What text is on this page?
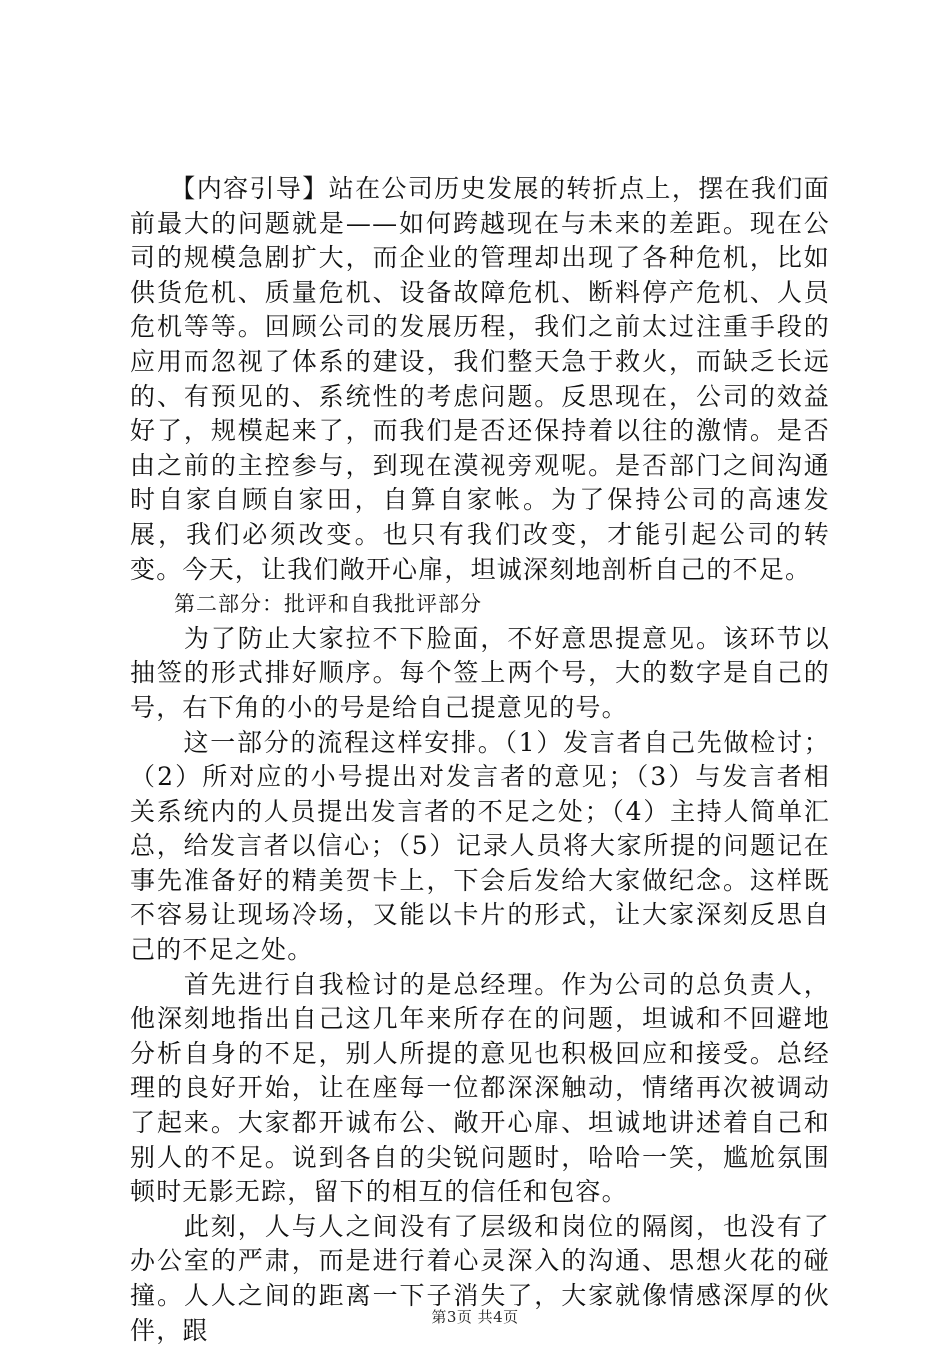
　　【内容引导】站在公司历史发展的转折点上，摆在我们面前最大的问题就是——如何跨越现在与未来的差距。现在公司的规模急剧扩大，而企业的管理却出现了各种危机，比如供货危机、质量危机、设备故障危机、断料停产危机、人员危机等等。回顾公司的发展历程，我们之前太过注重手段的应用而忽视了体系的建设，我们整天急于救火，而缺乏长远的、有预见的、系统性的考虑问题。反思现在，公司的效益好了，规模起来了，而我们是否还保持着以往的激情。是否由之前的主控参与，到现在漠视旁观呢。是否部门之间沟通时自家自顾自家田，自算自家帐。为了保持公司的高速发展，我们必须改变。也只有我们改变，才能引起公司的转变。今天，让我们敞开心扉，坦诚深刻地剖析自己的不足。

　　第二部分：批评和自我批评部分

　　为了防止大家拉不下脸面，不好意思提意见。该环节以抽签的形式排好顺序。每个签上两个号，大的数字是自己的号，右下角的小的号是给自己提意见的号。

　　这一部分的流程这样安排。（1）发言者自己先做检讨；（2）所对应的小号提出对发言者的意见；（3）与发言者相关系统内的人员提出发言者的不足之处；（4）主持人简单汇总，给发言者以信心；（5）记录人员将大家所提的问题记在事先准备好的精美贺卡上，下会后发给大家做纪念。这样既不容易让现场冷场，又能以卡片的形式，让大家深刻反思自己的不足之处。

　　首先进行自我检讨的是总经理。作为公司的总负责人，他深刻地指出自己这几年来所存在的问题，坦诚和不回避地分析自身的不足，别人所提的意见也积极回应和接受。总经理的良好开始，让在座每一位都深深触动，情绪再次被调动了起来。大家都开诚布公、敞开心扉、坦诚地讲述着自己和别人的不足。说到各自的尖锐问题时，哈哈一笑，尴尬氛围顿时无影无踪，留下的相互的信任和包容。

　　此刻，人与人之间没有了层级和岗位的隔阂，也没有了办公室的严肃，而是进行着心灵深入的沟通、思想火花的碰撞。人人之间的距离一下子消失了，大家就像情感深厚的伙伴，跟	第3页 共4页
